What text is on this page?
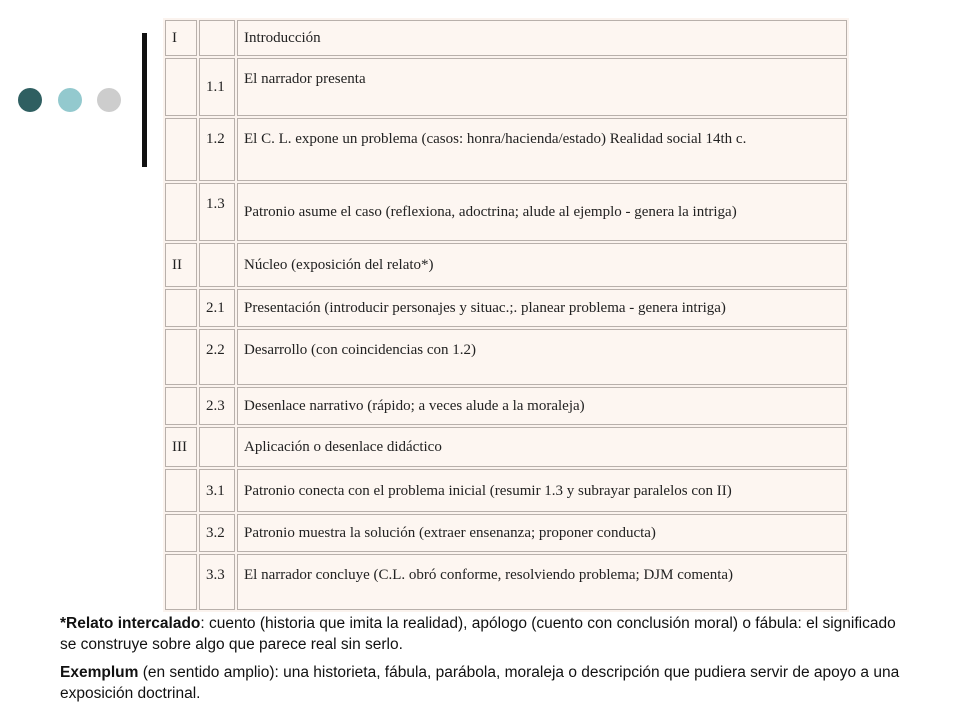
I		Introducción
	1.1	El narrador presenta
	1.2	El C. L. expone un problema (casos: honra/hacienda/estado) Realidad social 14th c.
	1.3	Patronio asume el caso (reflexiona, adoctrina; alude al ejemplo - genera la intriga)
II		Núcleo (exposición del relato*)
	2.1	Presentación (introducir personajes y situac.;. planear problema - genera intriga)
	2.2	Desarrollo (con coincidencias con 1.2)
	2.3	Desenlace narrativo (rápido; a veces alude a la moraleja)
III		Aplicación o desenlace didáctico
	3.1	Patronio conecta con el problema inicial (resumir 1.3 y subrayar paralelos con II)
	3.2	Patronio muestra la solución (extraer ensenanza; proponer conducta)
	3.3	El narrador concluye (C.L. obró conforme, resolviendo problema; DJM comenta)

*Relato intercalado: cuento (historia que imita la realidad), apólogo (cuento con conclusión moral) o fábula: el significado se construye sobre algo que parece real sin serlo.

Exemplum (en sentido amplio): una historieta, fábula, parábola, moraleja o descripción que pudiera servir de apoyo a una exposición doctrinal.
